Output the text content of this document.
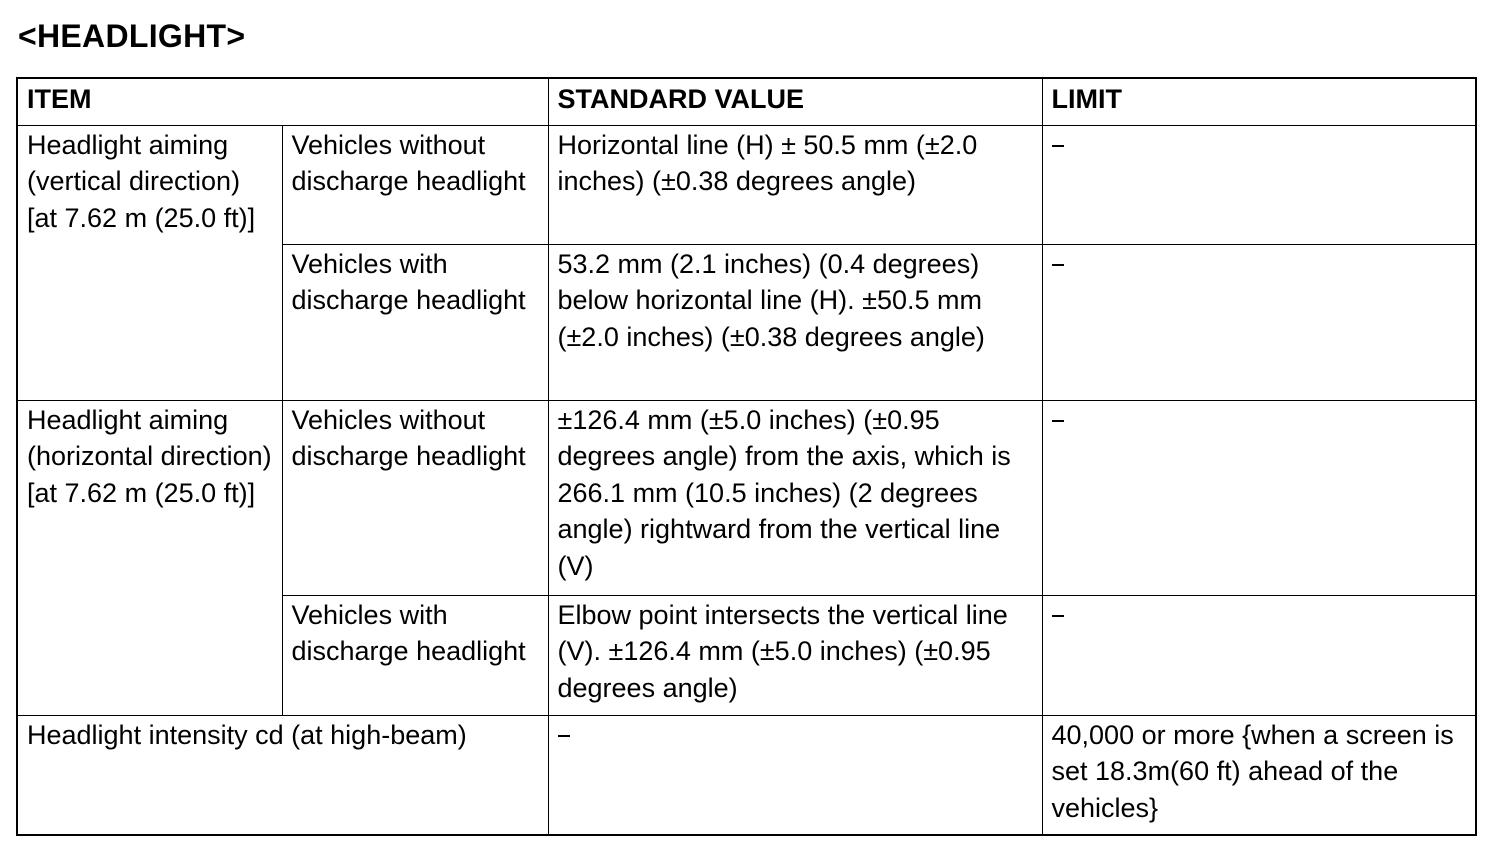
<HEADLIGHT>
ITEM		STANDARD VALUE	LIMIT
Headlight aiming (vertical direction) [at 7.62 m (25.0 ft)]	Vehicles without discharge headlight	Horizontal line (H) ± 50.5 mm (±2.0 inches) (±0.38 degrees angle)	

	Vehicles with discharge headlight	53.2 mm (2.1 inches) (0.4 degrees) below horizontal line (H). ±50.5 mm (±2.0 inches) (±0.38 degrees angle)	

Headlight aiming (horizontal direction) [at 7.62 m (25.0 ft)]	Vehicles without discharge headlight	±126.4 mm (±5.0 inches) (±0.95 degrees angle) from the axis, which is 266.1 mm (10.5 inches) (2 degrees angle) rightward from the vertical line (V)	

	Vehicles with discharge headlight	Elbow point intersects the vertical line (V). ±126.4 mm (±5.0 inches) (±0.95 degrees angle)	

Headlight intensity cd (at high-beam)			40,000 or more {when a screen is set 18.3m(60 ft) ahead of the vehicles}
